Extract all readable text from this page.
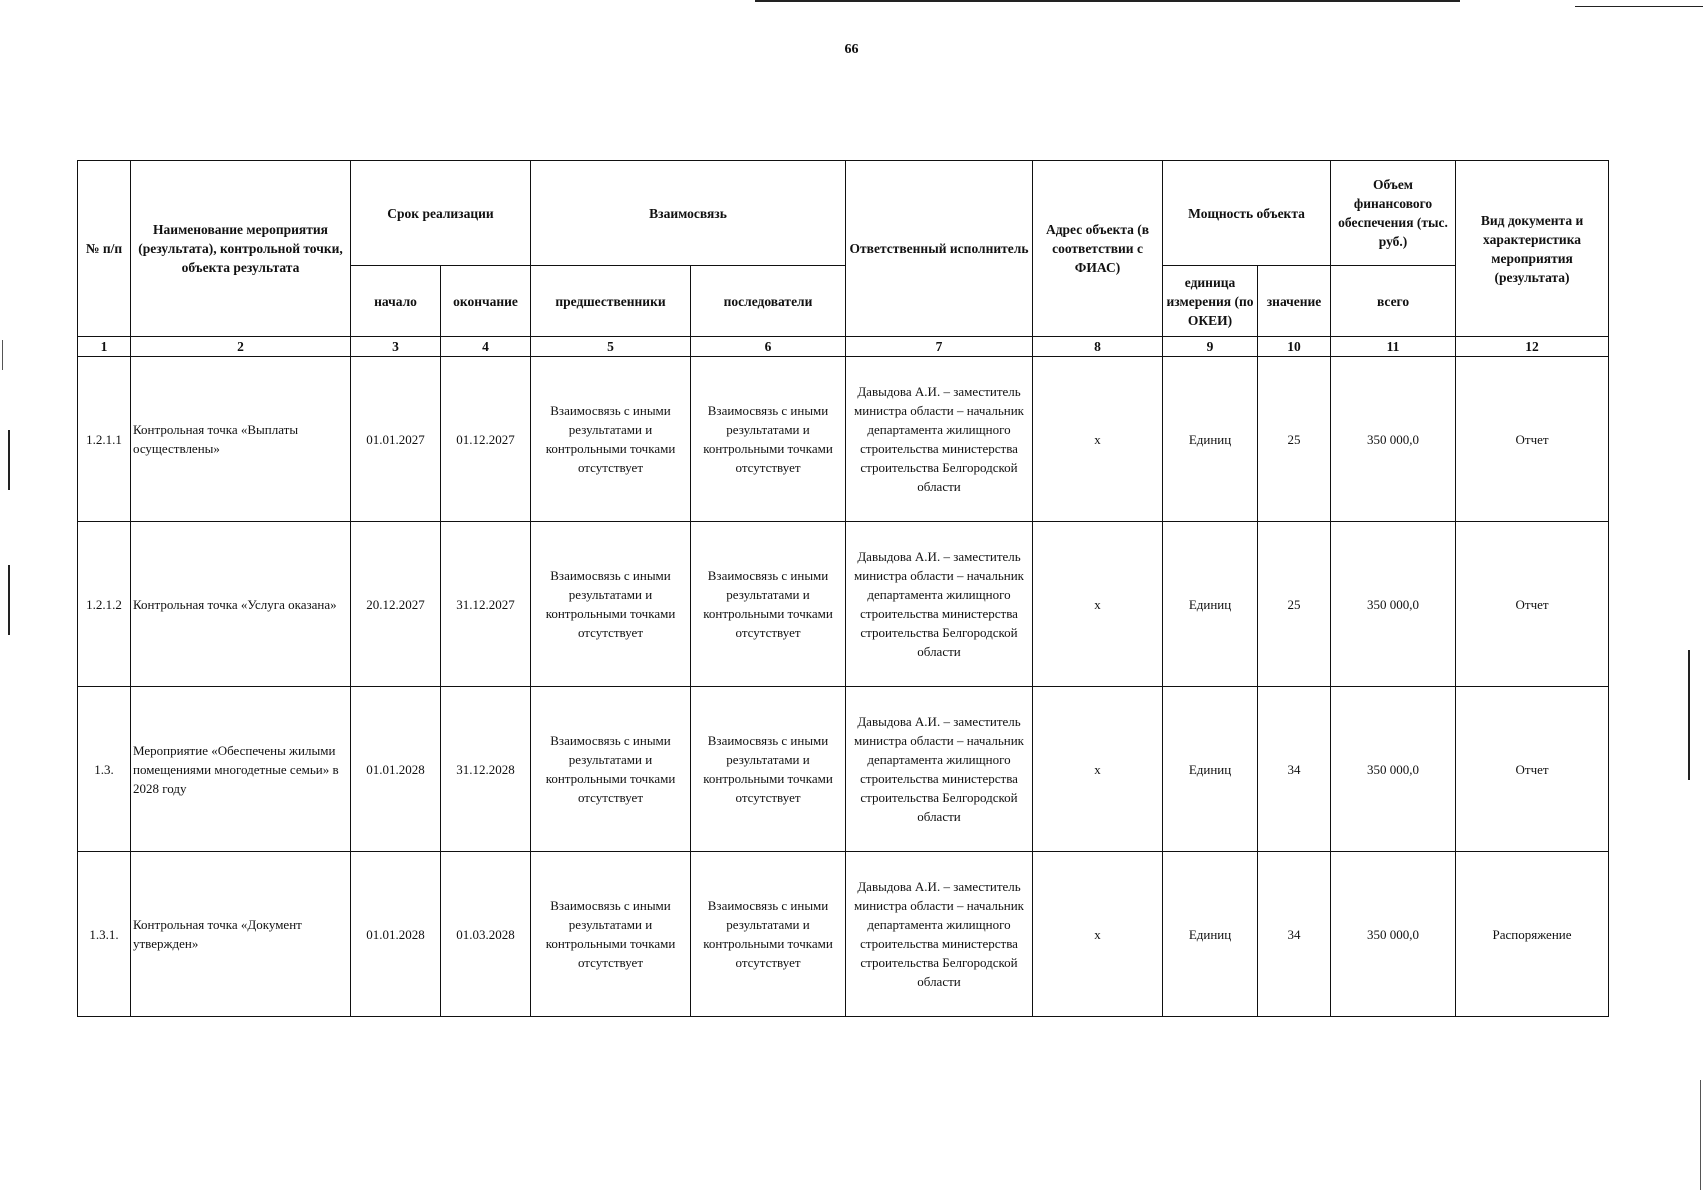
66
№ п/п	Наименование мероприятия (результата), контрольной точки, объекта результата	Срок реализации		Взаимосвязь		Ответственный исполнитель	Адрес объекта (в соответствии с ФИАС)	Мощность объекта		Объем финансового обеспечения (тыс. руб.)	Вид документа и характеристика мероприятия (результата)
		начало	окончание	предшественники	последователи			единица измерения (по ОКЕИ)	значение	всего	
1	2	3	4	5	6	7	8	9	10	11	12
1.2.1.1	Контрольная точка «Выплаты осуществлены»	01.01.2027	01.12.2027	Взаимосвязь с иными результатами и контрольными точками отсутствует	Взаимосвязь с иными результатами и контрольными точками отсутствует	Давыдова А.И. – заместитель министра области – начальник департамента жилищного строительства министерства строительства Белгородской области	х	Единиц	25	350 000,0	Отчет
1.2.1.2	Контрольная точка «Услуга оказана»	20.12.2027	31.12.2027	Взаимосвязь с иными результатами и контрольными точками отсутствует	Взаимосвязь с иными результатами и контрольными точками отсутствует	Давыдова А.И. – заместитель министра области – начальник департамента жилищного строительства министерства строительства Белгородской области	х	Единиц	25	350 000,0	Отчет
1.3.	Мероприятие «Обеспечены жилыми помещениями многодетные семьи» в 2028 году	01.01.2028	31.12.2028	Взаимосвязь с иными результатами и контрольными точками отсутствует	Взаимосвязь с иными результатами и контрольными точками отсутствует	Давыдова А.И. – заместитель министра области – начальник департамента жилищного строительства министерства строительства Белгородской области	х	Единиц	34	350 000,0	Отчет
1.3.1.	Контрольная точка «Документ утвержден»	01.01.2028	01.03.2028	Взаимосвязь с иными результатами и контрольными точками отсутствует	Взаимосвязь с иными результатами и контрольными точками отсутствует	Давыдова А.И. – заместитель министра области – начальник департамента жилищного строительства министерства строительства Белгородской области	х	Единиц	34	350 000,0	Распоряжение
